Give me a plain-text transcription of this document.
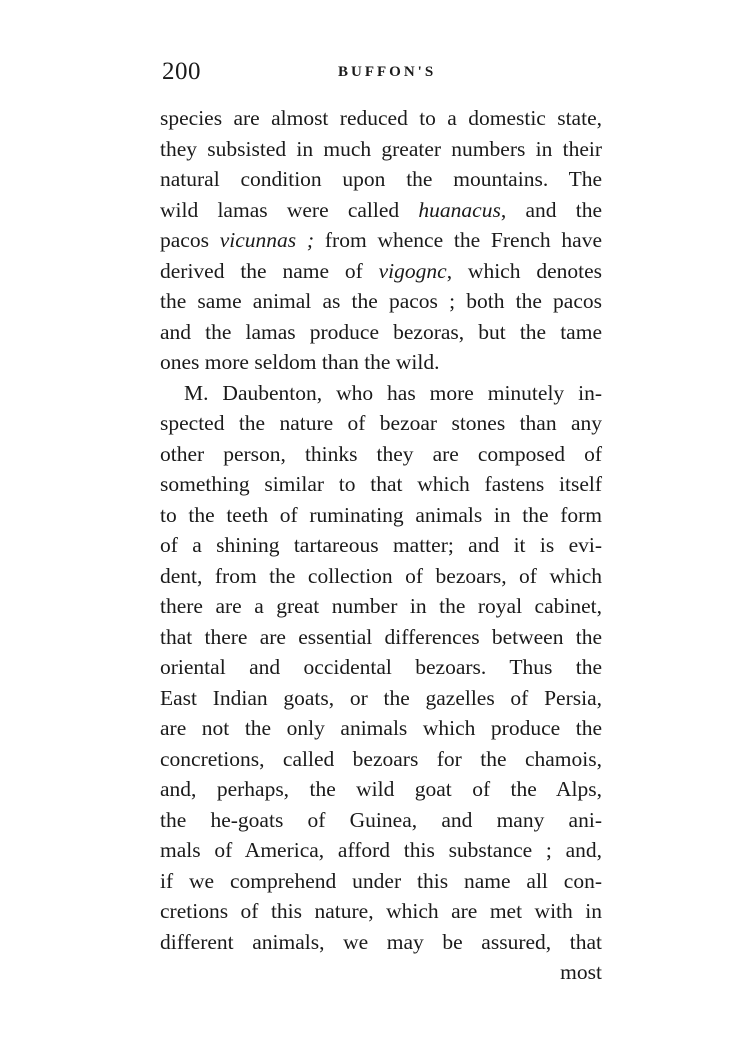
200	BUFFON'S
species are almost reduced to a domestic state,
they subsisted in much greater numbers in their
natural condition upon the mountains. The
wild lamas were called huanacus, and the
pacos vicunnas ; from whence the French have
derived the name of vigognc, which denotes
the same animal as the pacos ; both the pacos
and the lamas produce bezoras, but the tame
ones more seldom than the wild.
M. Daubenton, who has more minutely in-
spected the nature of bezoar stones than any
other person, thinks they are composed of
something similar to that which fastens itself
to the teeth of ruminating animals in the form
of a shining tartareous matter; and it is evi-
dent, from the collection of bezoars, of which
there are a great number in the royal cabinet,
that there are essential differences between the
oriental and occidental bezoars. Thus the
East Indian goats, or the gazelles of Persia,
are not the only animals which produce the
concretions, called bezoars for the chamois,
and, perhaps, the wild goat of the Alps,
the he-goats of Guinea, and many ani-
mals of America, afford this substance ; and,
if we comprehend under this name all con-
cretions of this nature, which are met with in
different animals, we may be assured, that
most
